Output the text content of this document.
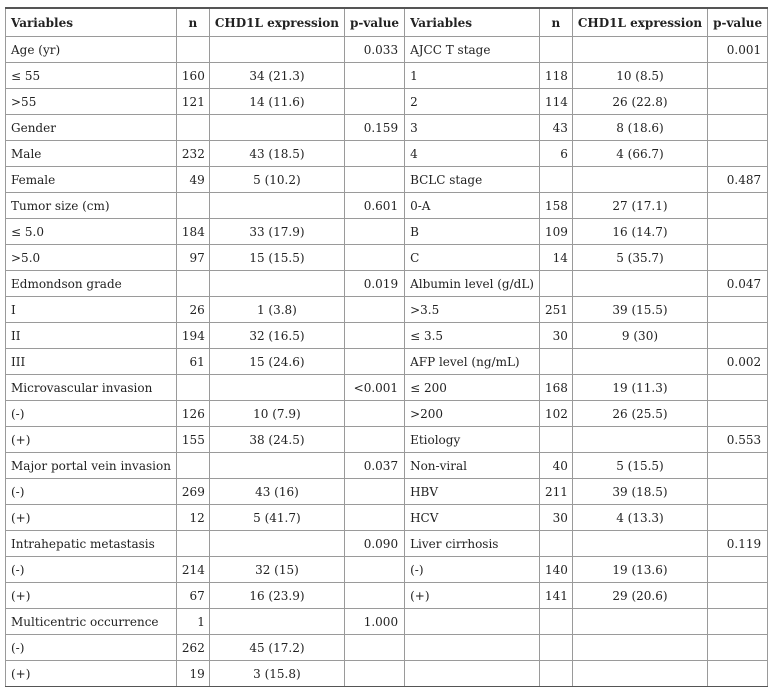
Variables	n	CHD1L expression	p-value	Variables	n	CHD1L expression	p-value
Age (yr)			0.033	AJCC T stage			0.001
≤ 55	160	34 (21.3)		1	118	10 (8.5)	
>55	121	14 (11.6)		2	114	26 (22.8)	
Gender			0.159	3	43	8 (18.6)	
Male	232	43 (18.5)		4	6	4 (66.7)	
Female	49	5 (10.2)		BCLC stage			0.487
Tumor size (cm)			0.601	0-A	158	27 (17.1)	
≤ 5.0	184	33 (17.9)		B	109	16 (14.7)	
>5.0	97	15 (15.5)		C	14	5 (35.7)	
Edmondson grade			0.019	Albumin level (g/dL)			0.047
I	26	1 (3.8)		>3.5	251	39 (15.5)	
II	194	32 (16.5)		≤ 3.5	30	9 (30)	
III	61	15 (24.6)		AFP level (ng/mL)			0.002
Microvascular invasion			<0.001	≤ 200	168	19 (11.3)	
(-)	126	10 (7.9)		>200	102	26 (25.5)	
(+)	155	38 (24.5)		Etiology			0.553
Major portal vein invasion			0.037	Non-viral	40	5 (15.5)	
(-)	269	43 (16)		HBV	211	39 (18.5)	
(+)	12	5 (41.7)		HCV	30	4 (13.3)	
Intrahepatic metastasis			0.090	Liver cirrhosis			0.119
(-)	214	32 (15)		(-)	140	19 (13.6)	
(+)	67	16 (23.9)		(+)	141	29 (20.6)	
Multicentric occurrence	1		1.000				
(-)	262	45 (17.2)					
(+)	19	3 (15.8)					
